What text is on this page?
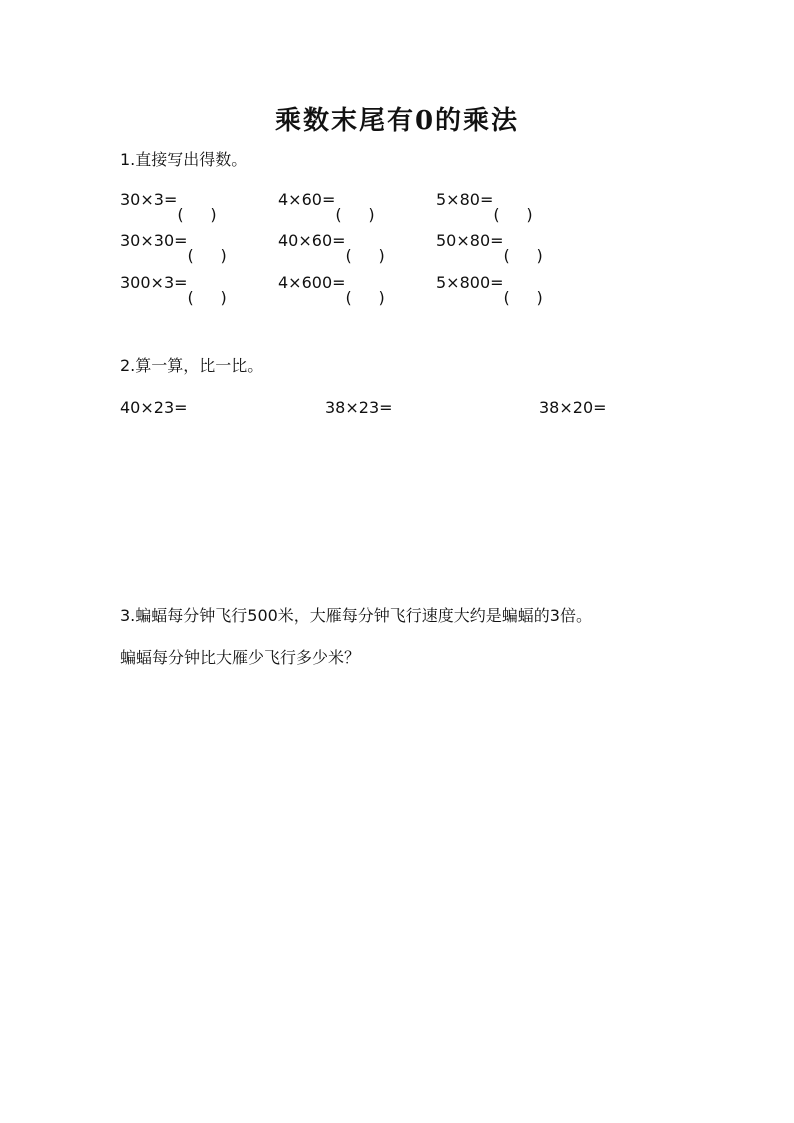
乘数末尾有0的乘法
1.直接写出得数。
30×3=
( )
4×60=
( )
5×80=
( )
30×30=
( )
40×60=
( )
50×80=
( )
300×3=
( )
4×600=
( )
5×800=
( )
2.算一算，比一比。
40×23=	38×23=	38×20=
3.蝙蝠每分钟飞行500米，大雁每分钟飞行速度大约是蝙蝠的3倍。
蝙蝠每分钟比大雁少飞行多少米？
